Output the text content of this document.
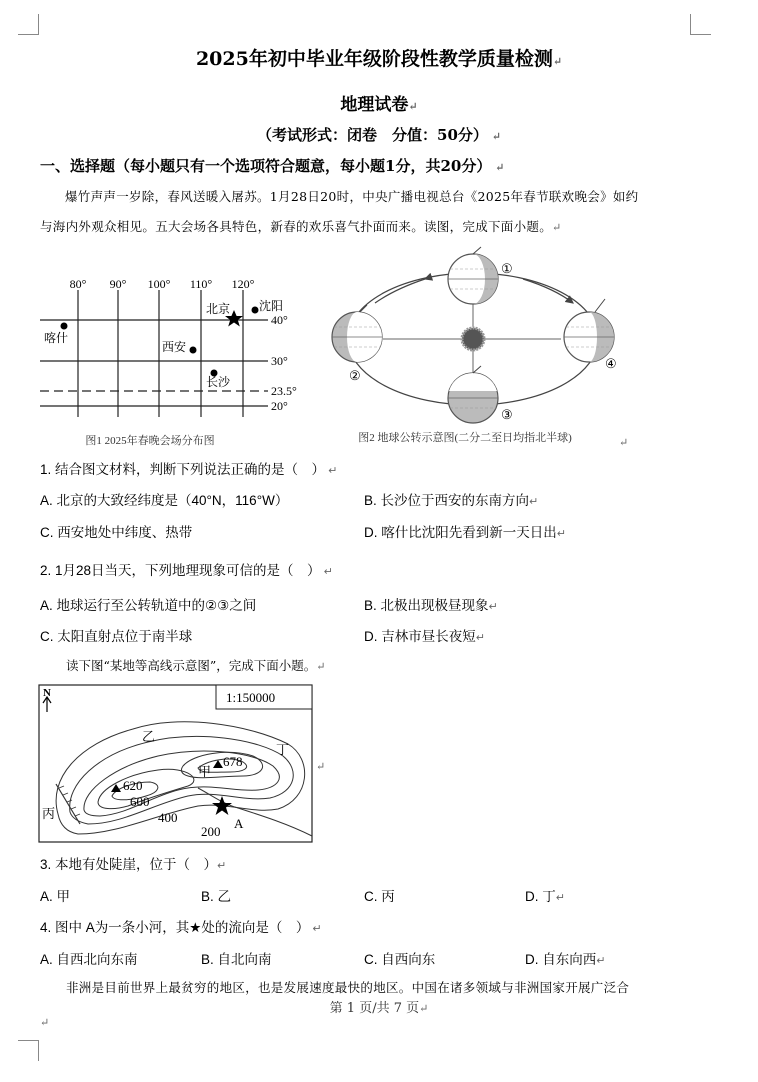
2025年初中毕业年级阶段性教学质量检测↵
地理试卷↵
（考试形式：闭卷　分值：50分） ↵
一、选择题（每小题只有一个选项符合题意，每小题1分，共20分） ↵
爆竹声声一岁除，春风送暖入屠苏。1月28日20时，中央广播电视总台《2025年春节联欢晚会》如约
与海内外观众相见。五大会场各具特色，新春的欢乐喜气扑面而来。读图，完成下面小题。↵
80° 90° 100° 110° 120°
40°
30°
23.5°
20°
北京 沈阳
喀什
西安
长沙
图1 2025年春晚会场分布图
①
②
③
④
图2 地球公转示意图(二分二至日均指北半球)	↵
1. 结合图文材料，判断下列说法正确的是（　） ↵
A. 北京的大致经纬度是（40°N，116°W）	B. 长沙位于西安的东南方向↵
C. 西安地处中纬度、热带	D. 喀什比沈阳先看到新一天日出↵
2. 1月28日当天，下列地理现象可信的是（　） ↵
A. 地球运行至公转轨道中的②③之间	B. 北极出现极昼现象↵
C. 太阳直射点位于南半球	D. 吉林市昼长夜短↵
读下图“某地等高线示意图”，完成下面小题。↵
1:150000
N
678
620
600
400
200
乙
丁
甲
丙
A
↵
3. 本地有处陡崖，位于（　）↵
A. 甲	B. 乙	C. 丙	D. 丁↵
4. 图中 A为一条小河，其★处的流向是（　） ↵
A. 自西北向东南	B. 自北向南	C. 自西向东	D. 自东向西↵
非洲是目前世界上最贫穷的地区，也是发展速度最快的地区。中国在诸多领域与非洲国家开展广泛合
第 1 页/共 7 页↵
↵
